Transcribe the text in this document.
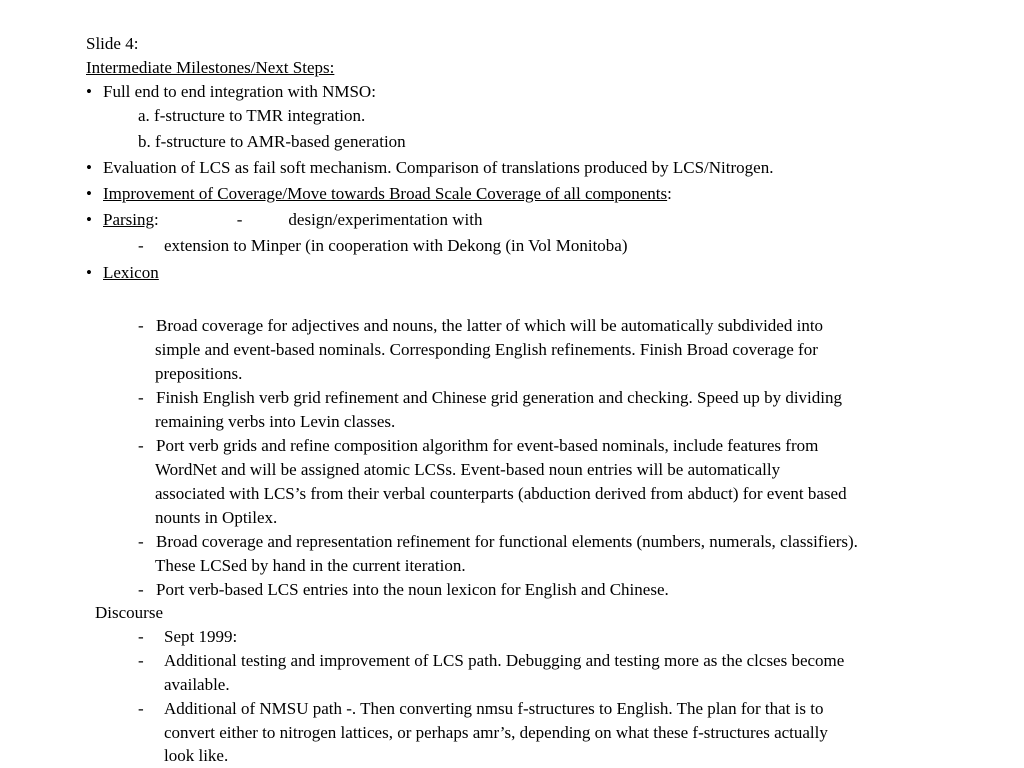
Slide 4:
Intermediate Milestones/Next Steps:
• Full end to end integration with NMSO:
a. f-structure to TMR integration.
b. f-structure to AMR-based generation
• Evaluation of LCS as fail soft mechanism. Comparison of translations produced by LCS/Nitrogen.
• Improvement of Coverage/Move towards Broad Scale Coverage of all components:
• Parsing:	-	design/experimentation with
- extension to Minper (in cooperation with Dekong (in Vol Monitoba)
• Lexicon
- Broad coverage for adjectives and nouns, the latter of which will be automatically subdivided into
simple and event-based nominals. Corresponding English refinements. Finish Broad coverage for
prepositions.
- Finish English verb grid refinement and Chinese grid generation and checking. Speed up by dividing
remaining verbs into Levin classes.
- Port verb grids and refine composition algorithm for event-based nominals, include features from
WordNet and will be assigned atomic LCSs. Event-based noun entries will be automatically
associated with LCS’s from their verbal counterparts (abduction derived from abduct) for event based
nounts in Optilex.
- Broad coverage and representation refinement for functional elements (numbers, numerals, classifiers).
These LCSed by hand in the current iteration.
- Port verb-based LCS entries into the noun lexicon for English and Chinese.
Discourse
- Sept 1999:
- Additional testing and improvement of LCS path. Debugging and testing more as the clcses become
available.
- Additional of NMSU path -. Then converting nmsu f-structures to English. The plan for that is to
convert either to nitrogen lattices, or perhaps amr’s, depending on what these f-structures actually
look like.
